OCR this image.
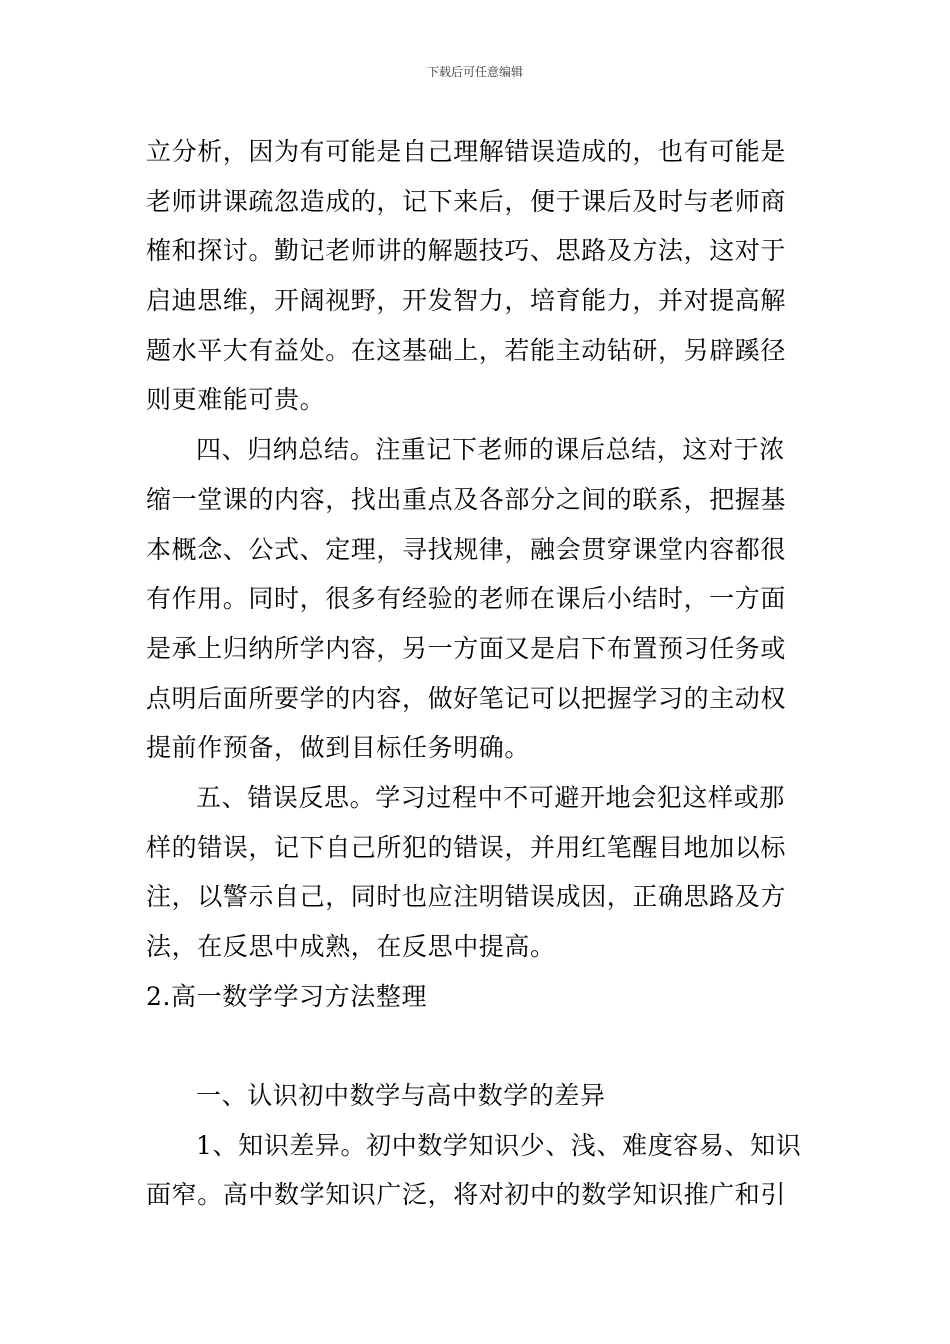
下载后可任意编辑
立分析，因为有可能是自己理解错误造成的，也有可能是
老师讲课疏忽造成的，记下来后，便于课后及时与老师商
榷和探讨。勤记老师讲的解题技巧、思路及方法，这对于
启迪思维，开阔视野，开发智力，培育能力，并对提高解
题水平大有益处。在这基础上，若能主动钻研，另辟蹊径
则更难能可贵。
四、归纳总结。注重记下老师的课后总结，这对于浓
缩一堂课的内容，找出重点及各部分之间的联系，把握基
本概念、公式、定理，寻找规律，融会贯穿课堂内容都很
有作用。同时，很多有经验的老师在课后小结时，一方面
是承上归纳所学内容，另一方面又是启下布置预习任务或
点明后面所要学的内容，做好笔记可以把握学习的主动权
提前作预备，做到目标任务明确。
五、错误反思。学习过程中不可避开地会犯这样或那
样的错误，记下自己所犯的错误，并用红笔醒目地加以标
注，以警示自己，同时也应注明错误成因，正确思路及方
法，在反思中成熟，在反思中提高。
2.高一数学学习方法整理
一、认识初中数学与高中数学的差异
1、知识差异。初中数学知识少、浅、难度容易、知识
面窄。高中数学知识广泛，将对初中的数学知识推广和引
